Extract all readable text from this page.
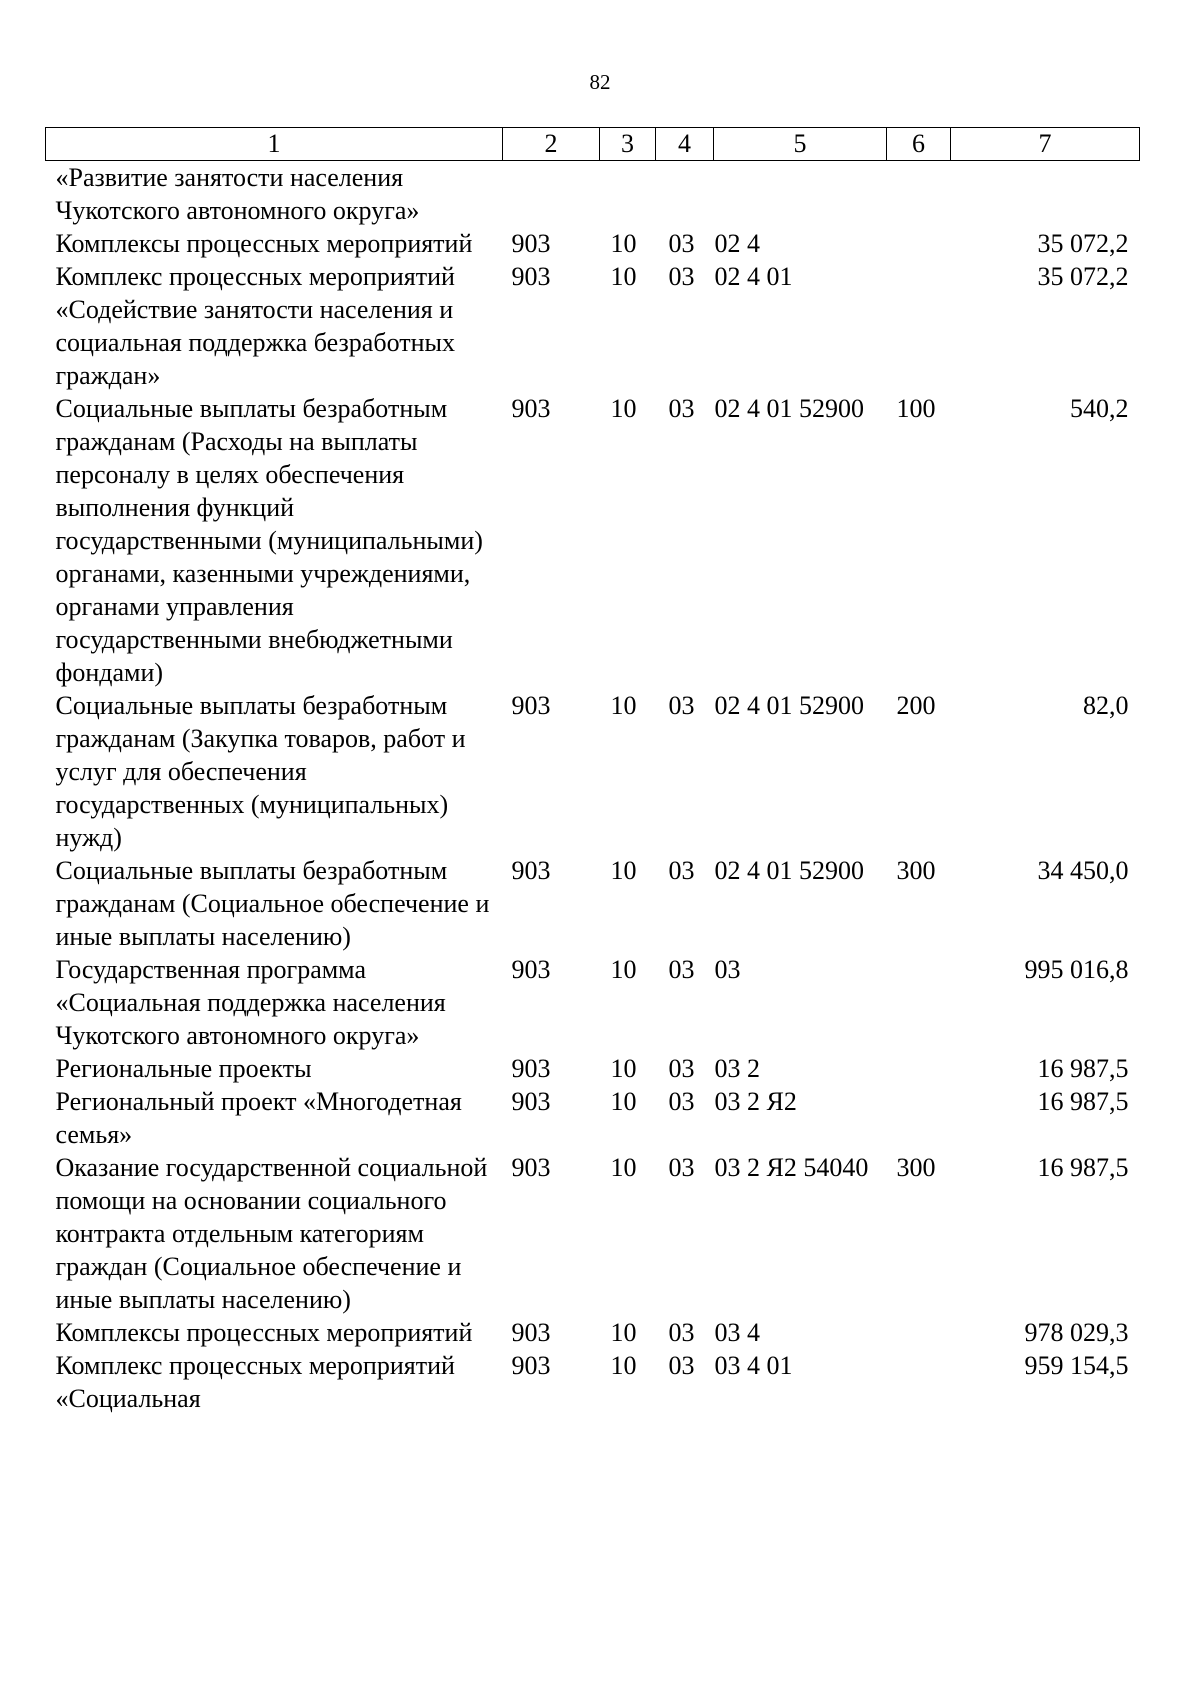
82
1	2	3	4	5	6	7
«Развитие занятости населения Чукотского автономного округа»						
Комплексы процессных мероприятий	903	10	03	02 4		35 072,2
Комплекс процессных мероприятий «Содействие занятости населения и социальная поддержка безработных граждан»	903	10	03	02 4 01		35 072,2
Социальные выплаты безработным гражданам (Расходы на выплаты персоналу в целях обеспечения выполнения функций государственными (муниципальными) органами, казенными учреждениями, органами управления государственными внебюджетными фондами)	903	10	03	02 4 01 52900	100	540,2
Социальные выплаты безработным гражданам (Закупка товаров, работ и услуг для обеспечения государственных (муниципальных) нужд)	903	10	03	02 4 01 52900	200	82,0
Социальные выплаты безработным гражданам (Социальное обеспечение и иные выплаты населению)	903	10	03	02 4 01 52900	300	34 450,0
Государственная программа «Социальная поддержка населения Чукотского автономного округа»	903	10	03	03		995 016,8
Региональные проекты	903	10	03	03 2		16 987,5
Региональный проект «Многодетная семья»	903	10	03	03 2 Я2		16 987,5
Оказание государственной социальной помощи на основании социального контракта отдельным категориям граждан (Социальное обеспечение и иные выплаты населению)	903	10	03	03 2 Я2 54040	300	16 987,5
Комплексы процессных мероприятий	903	10	03	03 4		978 029,3
Комплекс процессных мероприятий «Социальная	903	10	03	03 4 01		959 154,5
